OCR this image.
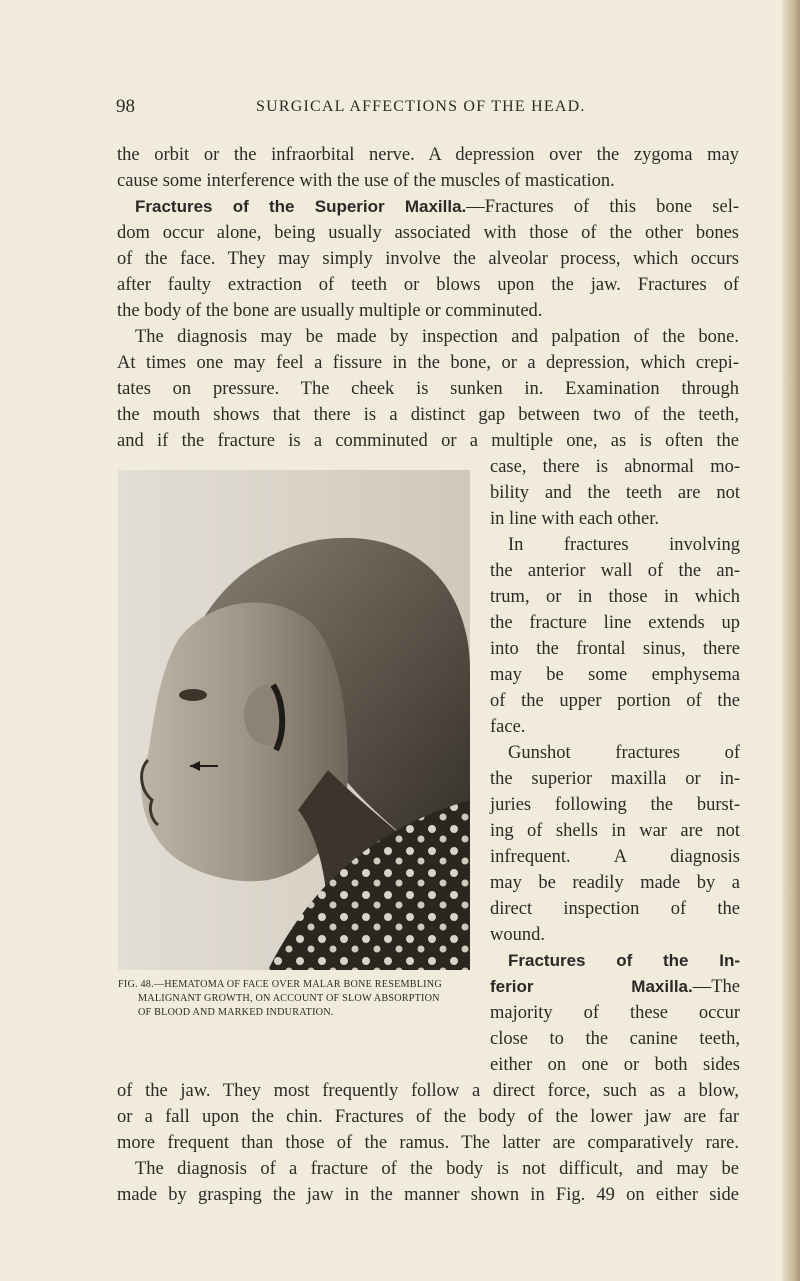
98	SURGICAL AFFECTIONS OF THE HEAD.
the orbit or the infraorbital nerve. A depression over the zygoma may
cause some interference with the use of the muscles of mastication.
Fractures of the Superior Maxilla.—Fractures of this bone sel-
dom occur alone, being usually associated with those of the other bones
of the face. They may simply involve the alveolar process, which occurs
after faulty extraction of teeth or blows upon the jaw. Fractures of
the body of the bone are usually multiple or comminuted.
The diagnosis may be made by inspection and palpation of the bone.
At times one may feel a fissure in the bone, or a depression, which crepi-
tates on pressure. The cheek is sunken in. Examination through
the mouth shows that there is a distinct gap between two of the teeth,
and if the fracture is a comminuted or a multiple one, as is often the
case, there is abnormal mo-
bility and the teeth are not
in line with each other.
In fractures involving
the anterior wall of the an-
trum, or in those in which
the fracture line extends up
into the frontal sinus, there
may be some emphysema
of the upper portion of the
face.
Gunshot fractures of
the superior maxilla or in-
juries following the burst-
ing of shells in war are not
infrequent. A diagnosis
may be readily made by a
direct inspection of the
wound.
Fractures of the In-
ferior Maxilla.—The
majority of these occur
close to the canine teeth,
either on one or both sides
FIG. 48.—HEMATOMA OF FACE OVER MALAR BONE RESEMBLING
MALIGNANT GROWTH, ON ACCOUNT OF SLOW ABSORPTION
OF BLOOD AND MARKED INDURATION.
of the jaw. They most frequently follow a direct force, such as a blow,
or a fall upon the chin. Fractures of the body of the lower jaw are far
more frequent than those of the ramus. The latter are comparatively rare.
The diagnosis of a fracture of the body is not difficult, and may be
made by grasping the jaw in the manner shown in Fig. 49 on either side
